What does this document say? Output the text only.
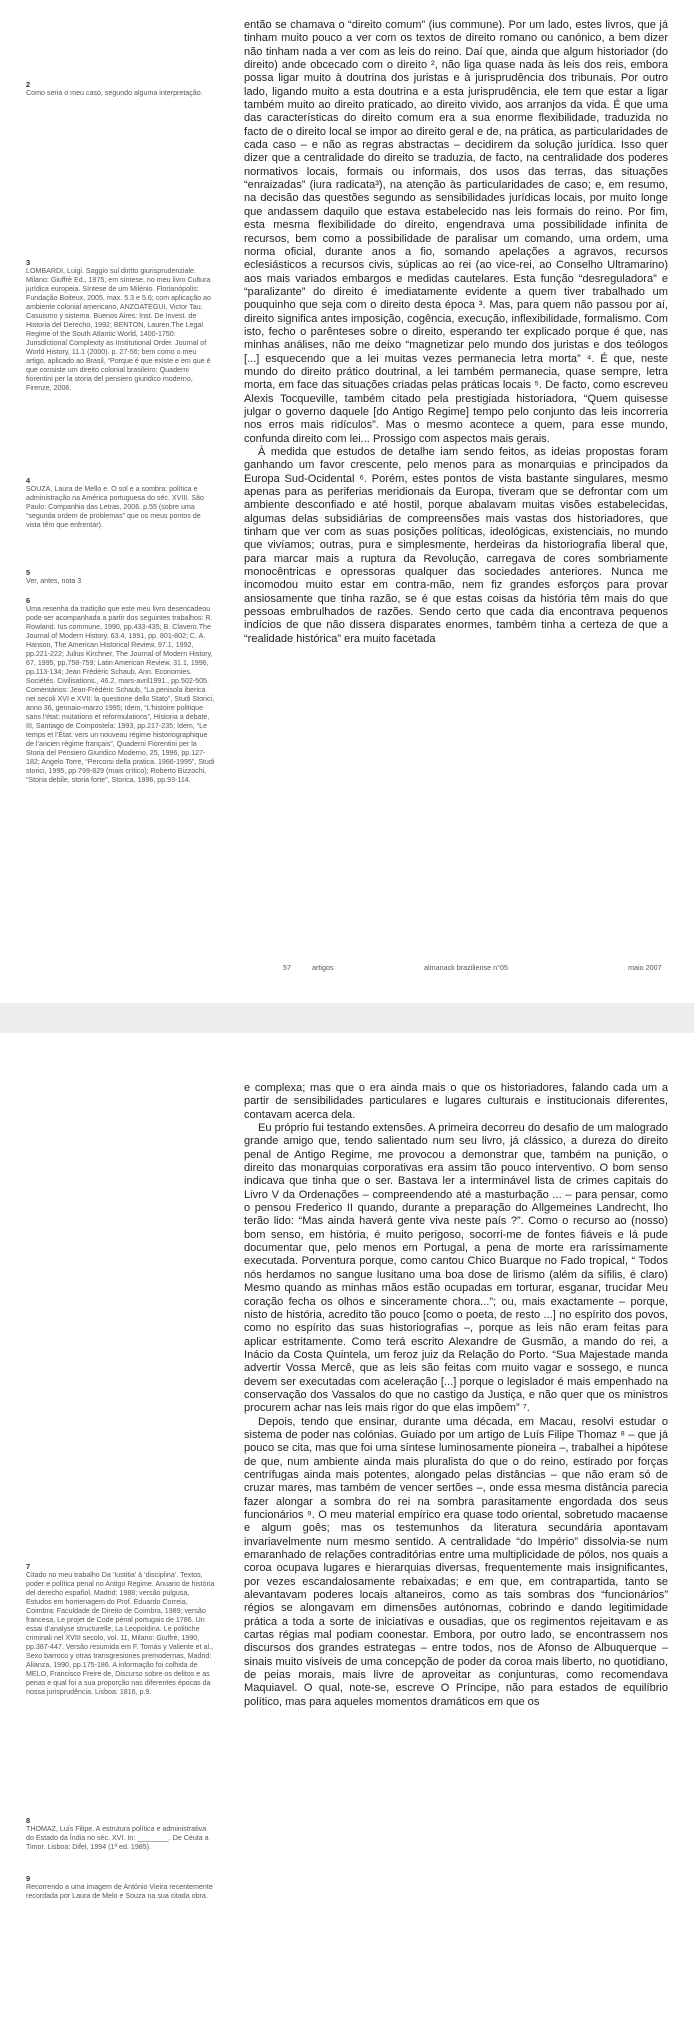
então se chamava o “direito comum” (ius commune). Por um lado, estes livros, que já tinham muito pouco a ver com os textos de direito romano ou canónico, a bem dizer não tinham nada a ver com as leis do reino. Daí que, ainda que algum historiador (do direito) ande obcecado com o direito ², não liga quase nada às leis dos reis, embora possa ligar muito à doutrina dos juristas e à jurisprudência dos tribunais. Por outro lado, ligando muito a esta doutrina e a esta jurisprudência, ele tem que estar a ligar também muito ao direito praticado, ao direito vivido, aos arranjos da vida. É que uma das características do direito comum era a sua enorme flexibilidade, traduzida no facto de o direito local se impor ao direito geral e de, na prática, as particularidades de cada caso – e não as regras abstractas – decidirem da solução jurídica. Isso quer dizer que a centralidade do direito se traduzia, de facto, na centralidade dos poderes normativos locais, formais ou informais, dos usos das terras, das situações “enraizadas” (iura radicata³), na atenção às particularidades de caso; e, em resumo, na decisão das questões segundo as sensibilidades jurídicas locais, por muito longe que andassem daquilo que estava estabelecido nas leis formais do reino. Por fim, esta mesma flexibilidade do direito, engendrava uma possibilidade infinita de recursos, bem como a possibilidade de paralisar um comando, uma ordem, uma norma oficial, durante anos a fio, somando apelações a agravos, recursos eclesiásticos a recursos civis, súplicas ao rei (ao vice-rei, ao Conselho Ultramarino) aos mais variados embargos e medidas cautelares. Esta função “desreguladora” e “paralizante” do direito é imediatamente evidente a quem tiver trabalhado um pouquinho que seja com o direito desta época ³. Mas, para quem não passou por aí, direito significa antes imposição, cogência, execução, inflexibilidade, formalismo. Com isto, fecho o parênteses sobre o direito, esperando ter explicado porque é que, nas minhas análises, não me deixo “magnetizar pelo mundo dos juristas e dos teólogos [...] esquecendo que a lei muitas vezes permanecia letra morta” ⁴. É que, neste mundo do direito prático doutrinal, a lei também permanecia, quase sempre, letra morta, em face das situações criadas pelas práticas locais ⁵. De facto, como escreveu Alexis Tocqueville, também citado pela prestigiada historiadora, “Quem quisesse julgar o governo daquele [do Antigo Regime] tempo pelo conjunto das leis incorreria nos erros mais ridículos”. Mas o mesmo acontece a quem, para esse mundo, confunda direito com lei... Prossigo com aspectos mais gerais.

À medida que estudos de detalhe iam sendo feitos, as ideias propostas foram ganhando um favor crescente, pelo menos para as monarquias e principados da Europa Sud-Ocidental ⁶. Porém, estes pontos de vista bastante singulares, mesmo apenas para as periferias meridionais da Europa, tiveram que se defrontar com um ambiente desconfiado e até hostil, porque abalavam muitas visões estabelecidas, algumas delas subsidiárias de compreensões mais vastas dos historiadores, que tinham que ver com as suas posições políticas, ideológicas, existenciais, no mundo que vivíamos; outras, pura e simplesmente, herdeiras da historiografia liberal que, para marcar mais a ruptura da Revolução, carregava de cores sombriamente monocêntricas e opressoras qualquer das sociedades anteriores. Nunca me incomodou muito estar em contra-mão, nem fiz grandes esforços para provar ansiosamente que tinha razão, se é que estas coisas da história têm mais do que pessoas embrulhados de razões. Sendo certo que cada dia encontrava pequenos indícios de que não dissera disparates enormes, também tinha a certeza de que a “realidade histórica” era muito facetada

2
Como seria o meu caso, segundo alguma interpretação.
3
LOMBARDI, Luigi. Saggio sul diritto giurisprudenziale. Milano: Giuffrè Ed., 1975; em síntese, no meu livro Cultura jurídica europeia. Síntese de um Milénio. Florianópolis: Fundação Boiteux, 2005, max. 5.3 e 5.6; com aplicação ao ambiente colonial americano, ANZOATEGUI, Victor Tau. Casuismo y sistema. Buenos Aires: Inst. De Invest. de Historia del Derecho, 1992; BENTON, Lauren.The Legal Regime of the South Atlantic World, 1400-1750: Jurisdictional Complexity as Institutional Order. Journal of World History, 11.1 (2000). p. 27-56; bem como o meu artigo, aplicado ao Brasil, “Porque é que existe e em que é que consiste um direito colonial brasileiro: Quaderni fiorentini per la storia del pensiero giuridico moderno, Firenze, 2006.
4
SOUZA, Laura de Mello e. O sol e a sombra: política e administração na América portuguesa do séc. XVIII. São Paulo: Companhia das Letras, 2006. p.55 (sobre uma “segunda ordem de problemas” que os meus pontos de vista têm que enfrentar).
5
Ver, antes, nota 3
6
Uma resenha da tradição que este meu livro desencadeou pode ser acompanhada a partir dos seguintes trabalhos: R. Rowland. Ius commune, 1990, pp.433-435; B. Clavero.The Journal of Modern History. 63.4, 1991, pp. 801-802; C. A. Hanson, The American Historical Review, 97.1, 1992, pp.221-222; Julius Kirchner, The Journal of Modern History, 67, 1995, pp.758-759; Latin American Review, 31.1, 1996, pp.113-134; Jean Frédéric Schaub, Ann. Economies. Sociétés. Civilisations., 46.2, mars-avril1991., pp.502-505. Comentários: Jean-Frédéric Schaub, “La penisola iberica nei secoli XVI e XVII: la questione dello Stato”, Studi Storici, anno 36, gennaio-marzo 1995; Idem, “L’histoire politique sans l’état: mutations et reformulations”, Historia a debate, III, Santiago de Compostela: 1993, pp.217-235; Idem, “Le temps et l’État: vers un nouveau régime historiographique de l’ancien régime français”, Quaderni Fiorentini per la Storia del Pensiero Giuridico Moderno, 25, 1996, pp.127-182; Angelo Torre, “Percorsi della pratica. 1966-1995”, Studi storici, 1995, pp.799-829 (mais crítico); Roberto Bizzochi, “Storia debile, storia forte”, Storica, 1996, pp.93-114.
57	artigos	almanack braziliense n°05	maio 2007

e complexa; mas que o era ainda mais o que os historiadores, falando cada um a partir de sensibilidades particulares e lugares culturais e institucionais diferentes, contavam acerca dela.

Eu próprio fui testando extensões. A primeira decorreu do desafio de um malogrado grande amigo que, tendo salientado num seu livro, já clássico, a dureza do direito penal de Antigo Regime, me provocou a demonstrar que, também na punição, o direito das monarquias corporativas era assim tão pouco interventivo. O bom senso indicava que tinha que o ser. Bastava ler a interminável lista de crimes capitais do Livro V da Ordenações – compreendendo até a masturbação ... – para pensar, como o pensou Frederico II quando, durante a preparação do Allgemeines Landrecht, lho terão lido: “Mas ainda haverá gente viva neste país ?”. Como o recurso ao (nosso) bom senso, em história, é muito perigoso, socorri-me de fontes fiáveis e lá pude documentar que, pelo menos em Portugal, a pena de morte era raríssimamente executada. Porventura porque, como cantou Chico Buarque no Fado tropical, “ Todos nós herdamos no sangue lusitano uma boa dose de lirismo (além da sífilis, é claro) Mesmo quando as minhas mãos estão ocupadas em torturar, esganar, trucidar Meu coração fecha os olhos e sinceramente chora...”; ou, mais exactamente – porque, nisto de história, acredito tão pouco [como o poeta, de resto ...] no espírito dos povos, como no espírito das suas historiografias –, porque as leis não eram feitas para aplicar estritamente. Como terá escrito Alexandre de Gusmão, a mando do rei, a Inácio da Costa Quintela, um feroz juiz da Relação do Porto. “Sua Majestade manda advertir Vossa Mercê, que as leis são feitas com muito vagar e sossego, e nunca devem ser executadas com aceleração [...] porque o legislador é mais empenhado na conservação dos Vassalos do que no castigo da Justiça, e não quer que os ministros procurem achar nas leis mais rigor do que elas impõem” ⁷.

Depois, tendo que ensinar, durante uma década, em Macau, resolvi estudar o sistema de poder nas colónias. Guiado por um artigo de Luís Filipe Thomaz ⁸ – que já pouco se cita, mas que foi uma síntese luminosamente pioneira –, trabalhei a hipótese de que, num ambiente ainda mais pluralista do que o do reino, estirado por forças centrífugas ainda mais potentes, alongado pelas distâncias – que não eram só de cruzar mares, mas também de vencer sertões –, onde essa mesma distância parecia fazer alongar a sombra do rei na sombra parasitamente engordada dos seus funcionários ⁹. O meu material empírico era quase todo oriental, sobretudo macaense e algum goês; mas os testemunhos da literatura secundária apontavam invariavelmente num mesmo sentido. A centralidade “do Império” dissolvia-se num emaranhado de relações contraditórias entre uma multiplicidade de pólos, nos quais a coroa ocupava lugares e hierarquias diversas, frequentemente mais insignificantes, por vezes escandalosamente rebaixadas; e em que, em contrapartida, tanto se alevantavam poderes locais altaneiros, como as tais sombras dos “funcionários” régios se alongavam em dimensões autónomas, cobrindo e dando legitimidade prática a toda a sorte de iniciativas e ousadias, que os regimentos rejeitavam e as cartas régias mal podiam coonestar. Embora, por outro lado, se encontrassem nos discursos dos grandes estrategas – entre todos, nos de Afonso de Albuquerque – sinais muito visíveis de uma concepção de poder da coroa mais liberto, no quotidiano, de peias morais, mais livre de aproveitar as conjunturas, como recomendava Maquiavel. O qual, note-se, escreve O Príncipe, não para estados de equilíbrio político, mas para aqueles momentos dramáticos em que os

7
Citado no meu trabalho Da ‘Iustitia’ à ‘disciplina’. Textos, poder e política penal no Antigo Regime. Anuario de história del derecho español, Madrid: 1988; versão pulgusa, Estudos em homenagem do Prof. Eduardo Correia, Coimbra: Faculdade de Direito de Coimbra, 1989; versão francesa, Le projet de Code pénal portugais de 1786. Un essai d’analyse structurelle, La Leopoldina. Le politiche criminali nel XVIII secolo, vol. 11, Milano: Giuffrè, 1990, pp.387-447. Versão resumida em F. Tomás y Valiente et al., Sexo barroco y otras transgresiones premodernas, Madrid: Alianza, 1990, pp.175-186. A informação foi colhida de MELO, Francisco Freire de, Discurso sobre os delitos e as penas e qual foi a sua proporção nas diferentes épocas da nossa jurisprudência. Lisboa: 1816, p.9.
8
THOMAZ, Luís Filipe. A estrutura política e administrativa do Estado da Índia no séc. XVI. In: ________. De Ceuta a Timor. Lisboa: Difel, 1994 (1ª ed. 1985).
9
Recorrendo a uma imagem de António Vieira recentemente recordada por Laura de Melo e Souza na sua citada obra.
